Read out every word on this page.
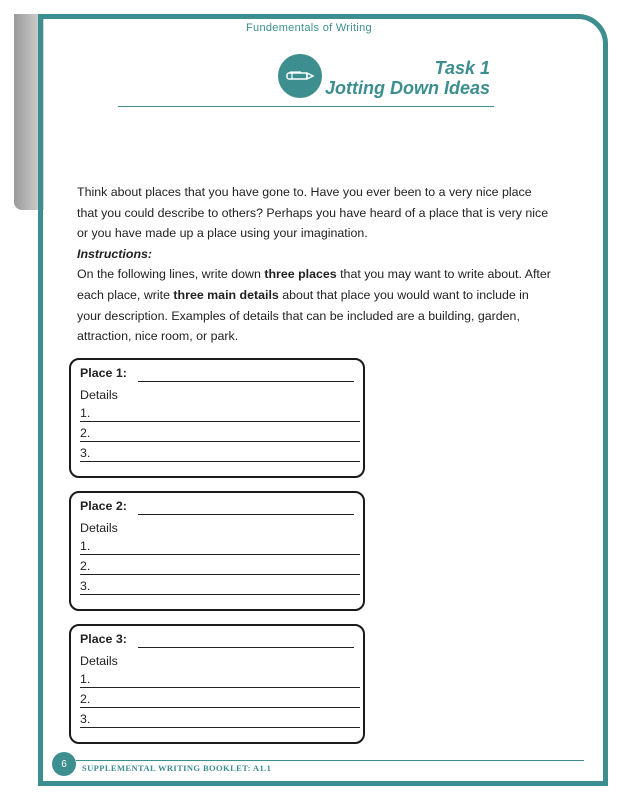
Fundementals of Writing
Task 1
Jotting Down Ideas

Think about places that you have gone to. Have you ever been to a very nice place that you could describe to others? Perhaps you have heard of a place that is very nice or you have made up a place using your imagination.

Instructions:

On the following lines, write down three places that you may want to write about. After each place, write three main details about that place you would want to include in your description. Examples of details that can be included are a building, garden, attraction, nice room, or park.

Place 1:
Details
1.
2.
3.
Place 2:
Details
1.
2.
3.
Place 3:
Details
1.
2.
3.
6	SUPPLEMENTAL WRITING BOOKLET: A1.1
